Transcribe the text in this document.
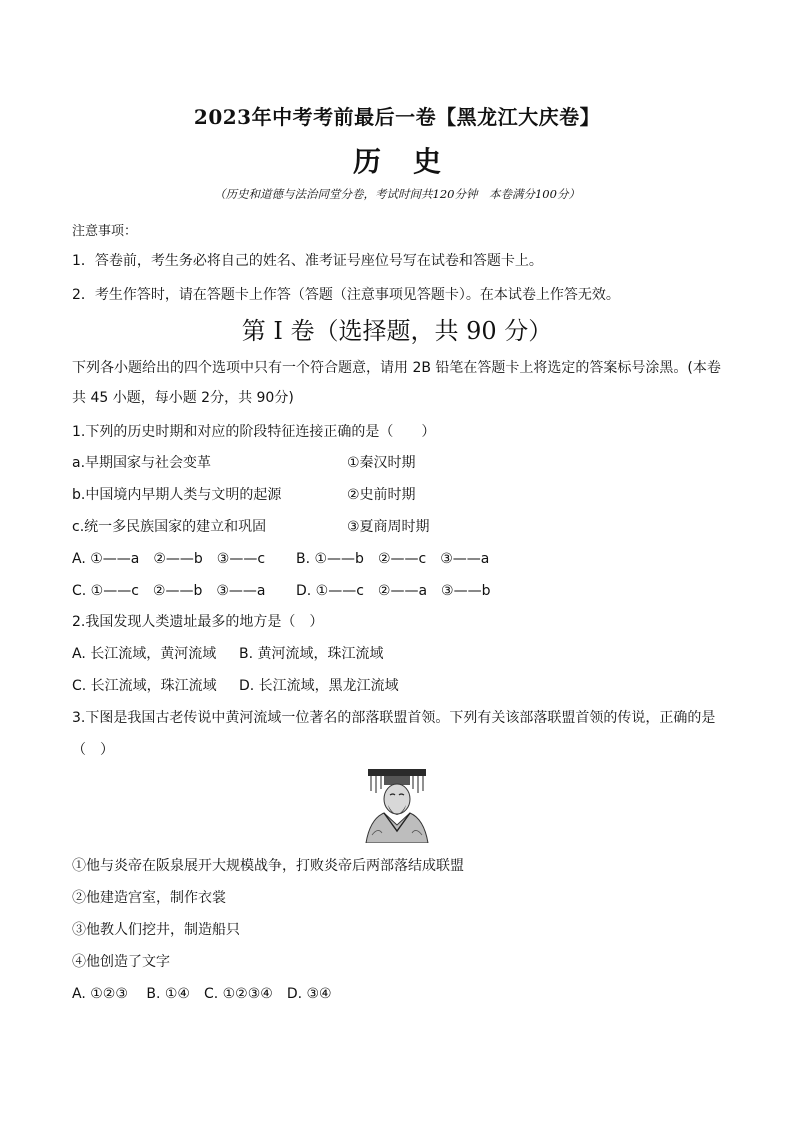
2023年中考考前最后一卷【黑龙江大庆卷】
历 史
（历史和道德与法治同堂分卷，考试时间共120分钟　本卷满分100分）
注意事项：
1．答卷前，考生务必将自己的姓名、准考证号座位号写在试卷和答题卡上。
2．考生作答时，请在答题卡上作答（答题（注意事项见答题卡）。在本试卷上作答无效。
第 I 卷（选择题，共 90 分）
下列各小题给出的四个选项中只有一个符合题意，请用 2B 铅笔在答题卡上将选定的答案标号涂黑。(本卷
共 45 小题，每小题 2分，共 90分)
1.下列的历史时期和对应的阶段特征连接正确的是（　　）
a.早期国家与社会变革	①秦汉时期
b.中国境内早期人类与文明的起源	②史前时期
c.统一多民族国家的建立和巩固	③夏商周时期
A. ①——a　②——b　③——c B. ①——b　②——c　③——a
C. ①——c　②——b　③——a D. ①——c　②——a　③——b
2.我国发现人类遗址最多的地方是（　）
A. 长江流域，黄河流域 B. 黄河流域，珠江流域
C. 长江流域，珠江流域 D. 长江流域，黑龙江流域
3.下图是我国古老传说中黄河流域一位著名的部落联盟首领。下列有关该部落联盟首领的传说，正确的是
（　）
①他与炎帝在阪泉展开大规模战争，打败炎帝后两部落结成联盟
②他建造宫室，制作衣裳
③他教人们挖井，制造船只
④他创造了文字
A. ①②③　 B. ①④　C. ①②③④　D. ③④
